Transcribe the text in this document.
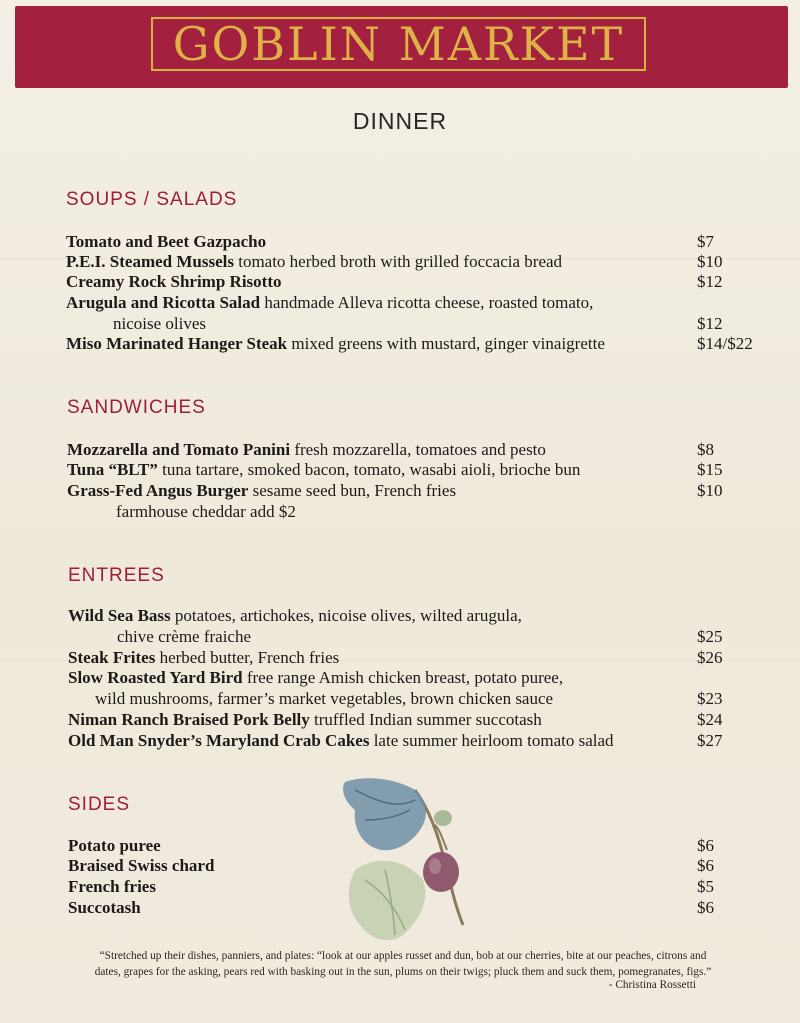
GOBLIN MARKET
DINNER
SOUPS / SALADS
Tomato and Beet Gazpacho	$7
P.E.I. Steamed Mussels tomato herbed broth with grilled foccacia bread	$10
Creamy Rock Shrimp Risotto	$12
Arugula and Ricotta Salad handmade Alleva ricotta cheese, roasted tomato,
nicoise olives	$12
Miso Marinated Hanger Steak mixed greens with mustard, ginger vinaigrette	$14/$22
SANDWICHES
Mozzarella and Tomato Panini fresh mozzarella, tomatoes and pesto	$8
Tuna “BLT” tuna tartare, smoked bacon, tomato, wasabi aioli, brioche bun	$15
Grass-Fed Angus Burger sesame seed bun, French fries	$10
farmhouse cheddar add $2
ENTREES
Wild Sea Bass potatoes, artichokes, nicoise olives, wilted arugula,
chive crème fraiche	$25
Steak Frites herbed butter, French fries	$26
Slow Roasted Yard Bird free range Amish chicken breast, potato puree,
wild mushrooms, farmer’s market vegetables, brown chicken sauce	$23
Niman Ranch Braised Pork Belly truffled Indian summer succotash	$24
Old Man Snyder’s Maryland Crab Cakes late summer heirloom tomato salad	$27
SIDES
Potato puree	$6
Braised Swiss chard	$6
French fries	$5
Succotash	$6
“Stretched up their dishes, panniers, and plates: “look at our apples russet and dun, bob at our cherries, bite at our peaches, citrons and
dates, grapes for the asking, pears red with basking out in the sun, plums on their twigs; pluck them and suck them, pomegranates, figs.”
- Christina Rossetti
